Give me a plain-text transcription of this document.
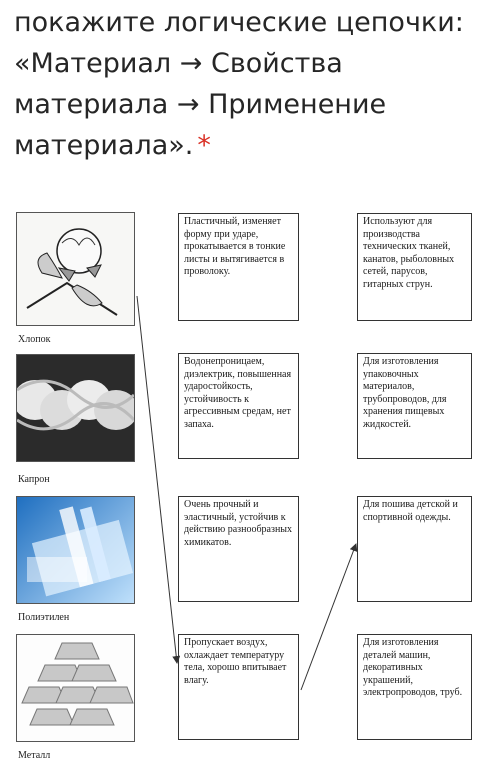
покажите логические цепочки: «Материал → Свойства материала → Применение материала». *
Хлопок
Капрон
Полиэтилен
Металл
Пластичный, изменяет форму при ударе, прокатывается в тонкие листы и вытягивается в проволоку.
Водонепроницаем, диэлектрик, повышенная ударостойкость, устойчивость к агрессивным средам, нет запаха.
Очень прочный и эластичный, устойчив к действию разнообразных химикатов.
Пропускает воздух, охлаждает температуру тела, хорошо впитывает влагу.
Используют для производства технических тканей, канатов, рыболовных сетей, парусов, гитарных струн.
Для изготовления упаковочных материалов, трубопроводов, для хранения пищевых жидкостей.
Для пошива детской и спортивной одежды.
Для изготовления деталей машин, декоративных украшений, электропроводов, труб.
